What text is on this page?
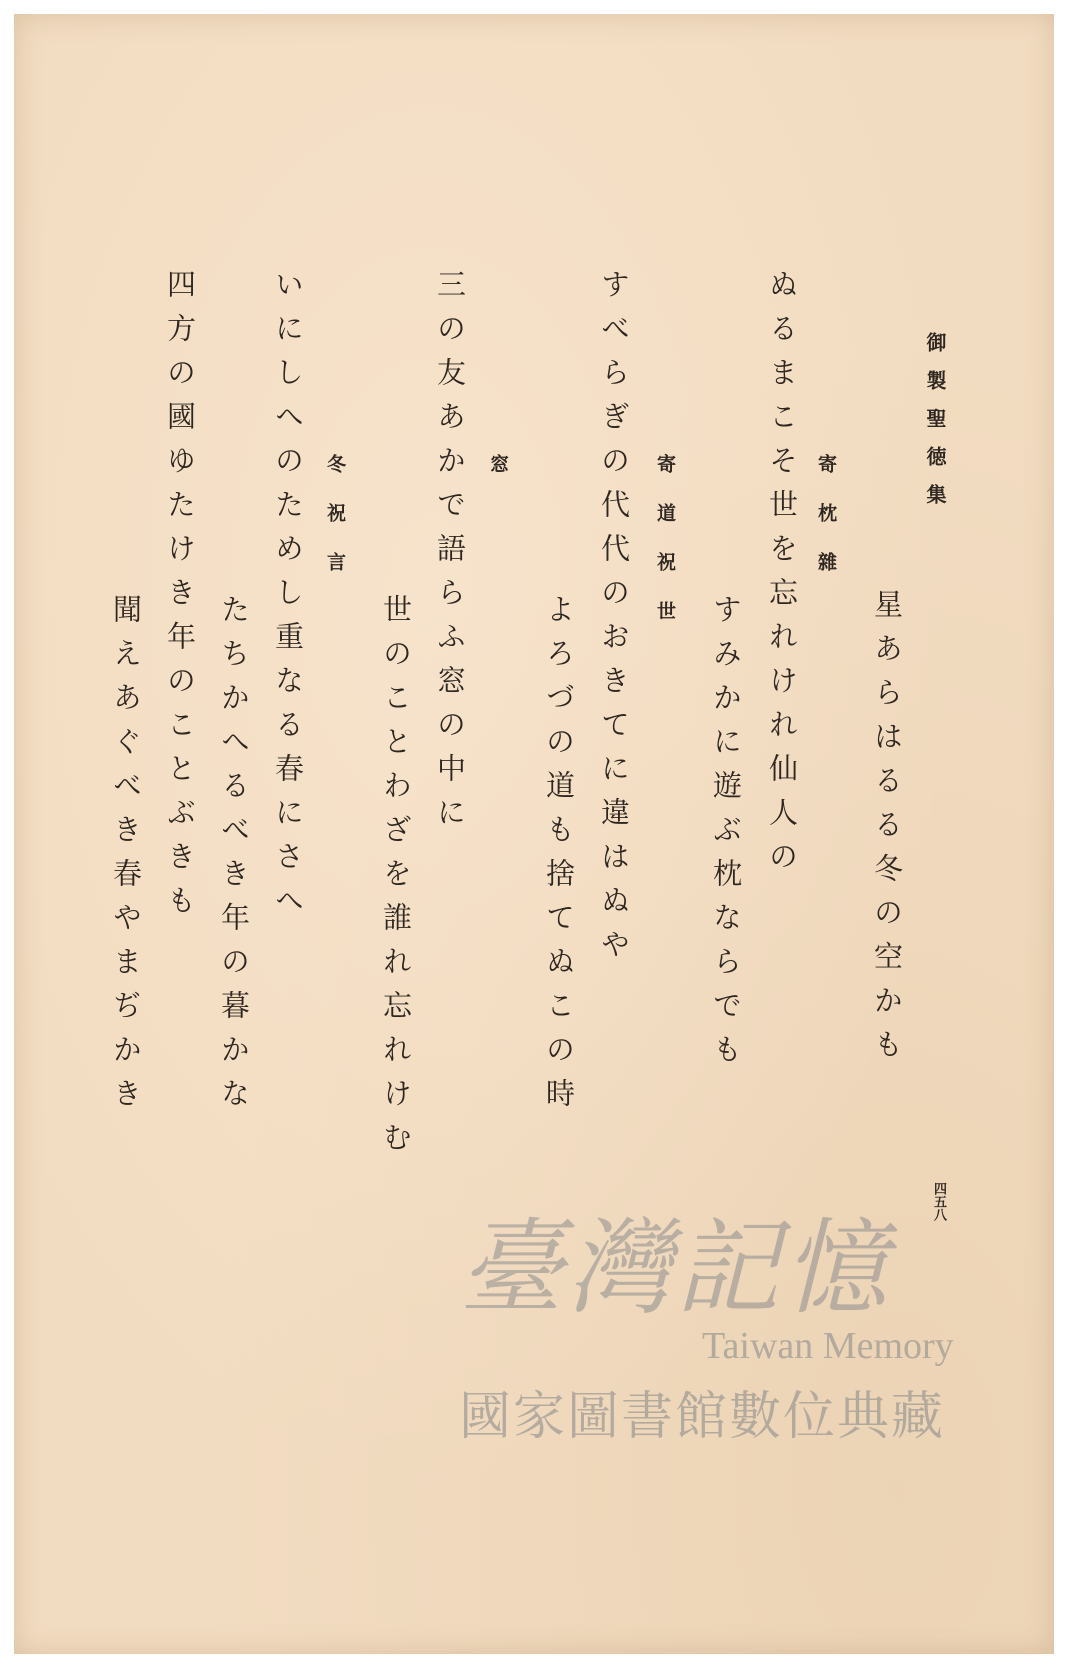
御製聖徳集
星あらはるる冬の空かも
寄枕雜
ぬるまこそ世を忘れけれ仙人の
すみかに遊ぶ枕ならでも
寄道祝世
すべらぎの代代のおきてに違はぬや
よろづの道も捨てぬこの時
窓
三の友あかで語らふ窓の中に
世のことわざを誰れ忘れけむ
冬祝言
いにしへのためし重なる春にさへ
たちかへるべき年の暮かな
四方の國ゆたけき年のことぶきも
聞えあぐべき春やまぢかき
四五八
臺灣記憶
Taiwan Memory
國家圖書館數位典藏
